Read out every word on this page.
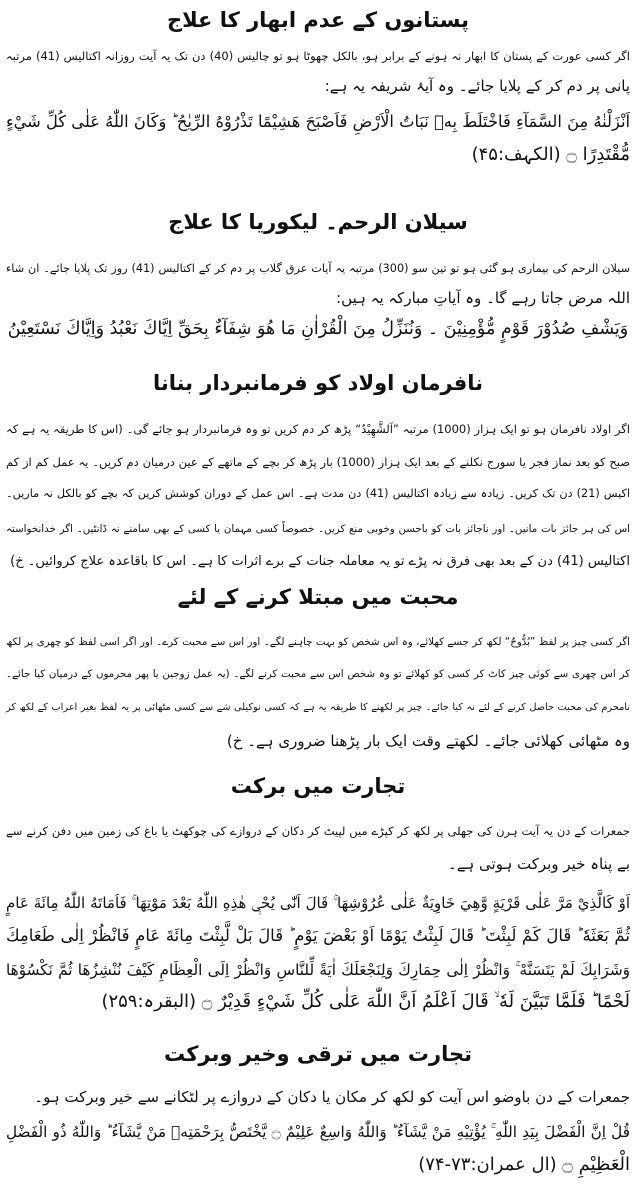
پستانوں کے عدم ابھار کا علاج
اگر کسی عورت کے پستان کا ابھار نہ ہونے کے برابر ہو، بالکل چھوٹا ہو تو چالیس (40) دن تک یہ آیت روزانہ اکتالیس (41) مرتبہ
پانی پر دم کر کے پلایا جائے۔ وہ آیۂ شریفہ یہ ہے:
اَنْزَلْنٰهُ مِنَ السَّمَآءِ فَاخْتَلَطَ بِهٖ نَبَاتُ الْاَرْضِ فَاَصْبَحَ هَشِيْمًا تَذْرُوْهُ الرِّيٰحُ ؕ وَكَانَ اللّٰهُ عَلٰى كُلِّ شَيْءٍ
مُّقْتَدِرًا ۝ (الکہف:۴۵)
سیلان الرحم۔ لیکوریا کا علاج
سیلان الرحم کی بیماری ہو گئی ہو تو تین سو (300) مرتبہ یہ آیات عرق گلاب پر دم کر کے اکتالیس (41) روز تک پلایا جائے۔ ان شاء
اللہ مرض جاتا رہے گا۔ وہ آیاتِ مبارکہ یہ ہیں:
وَيَشْفِ صُدُوْرَ قَوْمٍ مُّؤْمِنِيْنَ ۔ وَنُنَزِّلُ مِنَ الْقُرْاٰنِ مَا هُوَ شِفَآءٌ بِحَقِّ اِيَّاكَ نَعْبُدُ وَاِيَّاكَ نَسْتَعِيْنُ
نافرمان اولاد کو فرمانبردار بنانا
اگر اولاد نافرمان ہو تو ایک ہزار (1000) مرتبہ ”اَلشَّهِيْدُ“ پڑھ کر دم کریں تو وہ فرمانبردار ہو جائے گی۔ (اس کا طریقہ یہ ہے کہ
صبح کو بعد نماز فجر یا سورج نکلنے کے بعد ایک ہزار (1000) بار پڑھ کر بچے کے ماتھے کے عین درمیان دم کریں۔ یہ عمل کم از کم
اکیس (21) دن تک کریں۔ زیادہ سے زیادہ اکتالیس (41) دن مدت ہے۔ اس عمل کے دوران کوشش کریں کہ بچے کو بالکل نہ ماریں۔
اس کی ہر جائز بات مانیں۔ اور ناجائز بات کو باحسن وخوبی منع کریں۔ خصوصاً کسی مہمان یا کسی کے بھی سامنے نہ ڈانٹیں۔ اگر خدانخواستہ
اکتالیس (41) دن کے بعد بھی فرق نہ پڑے تو یہ معاملہ جنات کے برے اثرات کا ہے۔ اس کا باقاعدہ علاج کروائیں۔ خ)
محبت میں مبتلا کرنے کے لئے
اگر کسی چیز پر لفظ ”بُدُّوحٌ“ لکھ کر جسے کھلائے، وہ اس شخص کو بہت چاہنے لگے۔ اور اس سے محبت کرے۔ اور اگر اسی لفظ کو چھری پر لکھ
کر اس چھری سے کوئی چیز کاٹ کر کسی کو کھلائے تو وہ شخص اس سے محبت کرنے لگے۔ (یہ عمل زوجین یا پھر محرموں کے درمیان کیا جائے۔
نامحرم کی محبت حاصل کرنے کے لئے نہ کیا جائے۔ چیز پر لکھنے کا طریقہ یہ ہے کہ کسی نوکیلی شے سے کسی مٹھائی پر یہ لفظ بغیر اعراب کے لکھ کر
وہ مٹھائی کھلائی جائے۔ لکھتے وقت ایک بار پڑھنا ضروری ہے۔ خ)
تجارت میں برکت
جمعرات کے دن یہ آیت ہرن کی جھلی پر لکھ کر کپڑے میں لپیٹ کر دکان کے دروازے کی چوکھٹ یا باغ کی زمین میں دفن کرنے سے
بے پناہ خیر وبرکت ہوتی ہے۔
اَوْ كَالَّذِيْ مَرَّ عَلٰى قَرْيَةٍ وَّهِيَ خَاوِيَةٌ عَلٰى عُرُوْشِهَا ۚ قَالَ اَنّٰى يُحْيٖ هٰذِهِ اللّٰهُ بَعْدَ مَوْتِهَا ۚ فَاَمَاتَهُ اللّٰهُ مِائَةَ عَامٍ
ثُمَّ بَعَثَهٗ ؕ قَالَ كَمْ لَبِثْتَ ؕ قَالَ لَبِثْتُ يَوْمًا اَوْ بَعْضَ يَوْمٍ ؕ قَالَ بَلْ لَّبِثْتَ مِائَةَ عَامٍ فَانْظُرْ اِلٰى طَعَامِكَ
وَشَرَابِكَ لَمْ يَتَسَنَّهْ ۚ وَانْظُرْ اِلٰى حِمَارِكَ وَلِنَجْعَلَكَ اٰيَةً لِّلنَّاسِ وَانْظُرْ اِلَى الْعِظَامِ كَيْفَ نُنْشِزُهَا ثُمَّ نَكْسُوْهَا
لَحْمًا ؕ فَلَمَّا تَبَيَّنَ لَهٗ ۙ قَالَ اَعْلَمُ اَنَّ اللّٰهَ عَلٰى كُلِّ شَيْءٍ قَدِيْرٌ ۝ (البقرہ:۲۵۹)
تجارت میں ترقی وخیر وبرکت
جمعرات کے دن باوضو اس آیت کو لکھ کر مکان یا دکان کے دروازے پر لٹکانے سے خیر وبرکت ہو۔
قُلْ اِنَّ الْفَضْلَ بِيَدِ اللّٰهِ ۚ يُؤْتِيْهِ مَنْ يَّشَآءُ ؕ وَاللّٰهُ وَاسِعٌ عَلِيْمٌ ۝ يَّخْتَصُّ بِرَحْمَتِهٖ مَنْ يَّشَآءُ ؕ وَاللّٰهُ ذُو الْفَضْلِ
الْعَظِيْمِ ۝ (ال عمران:۷۳-۷۴)
